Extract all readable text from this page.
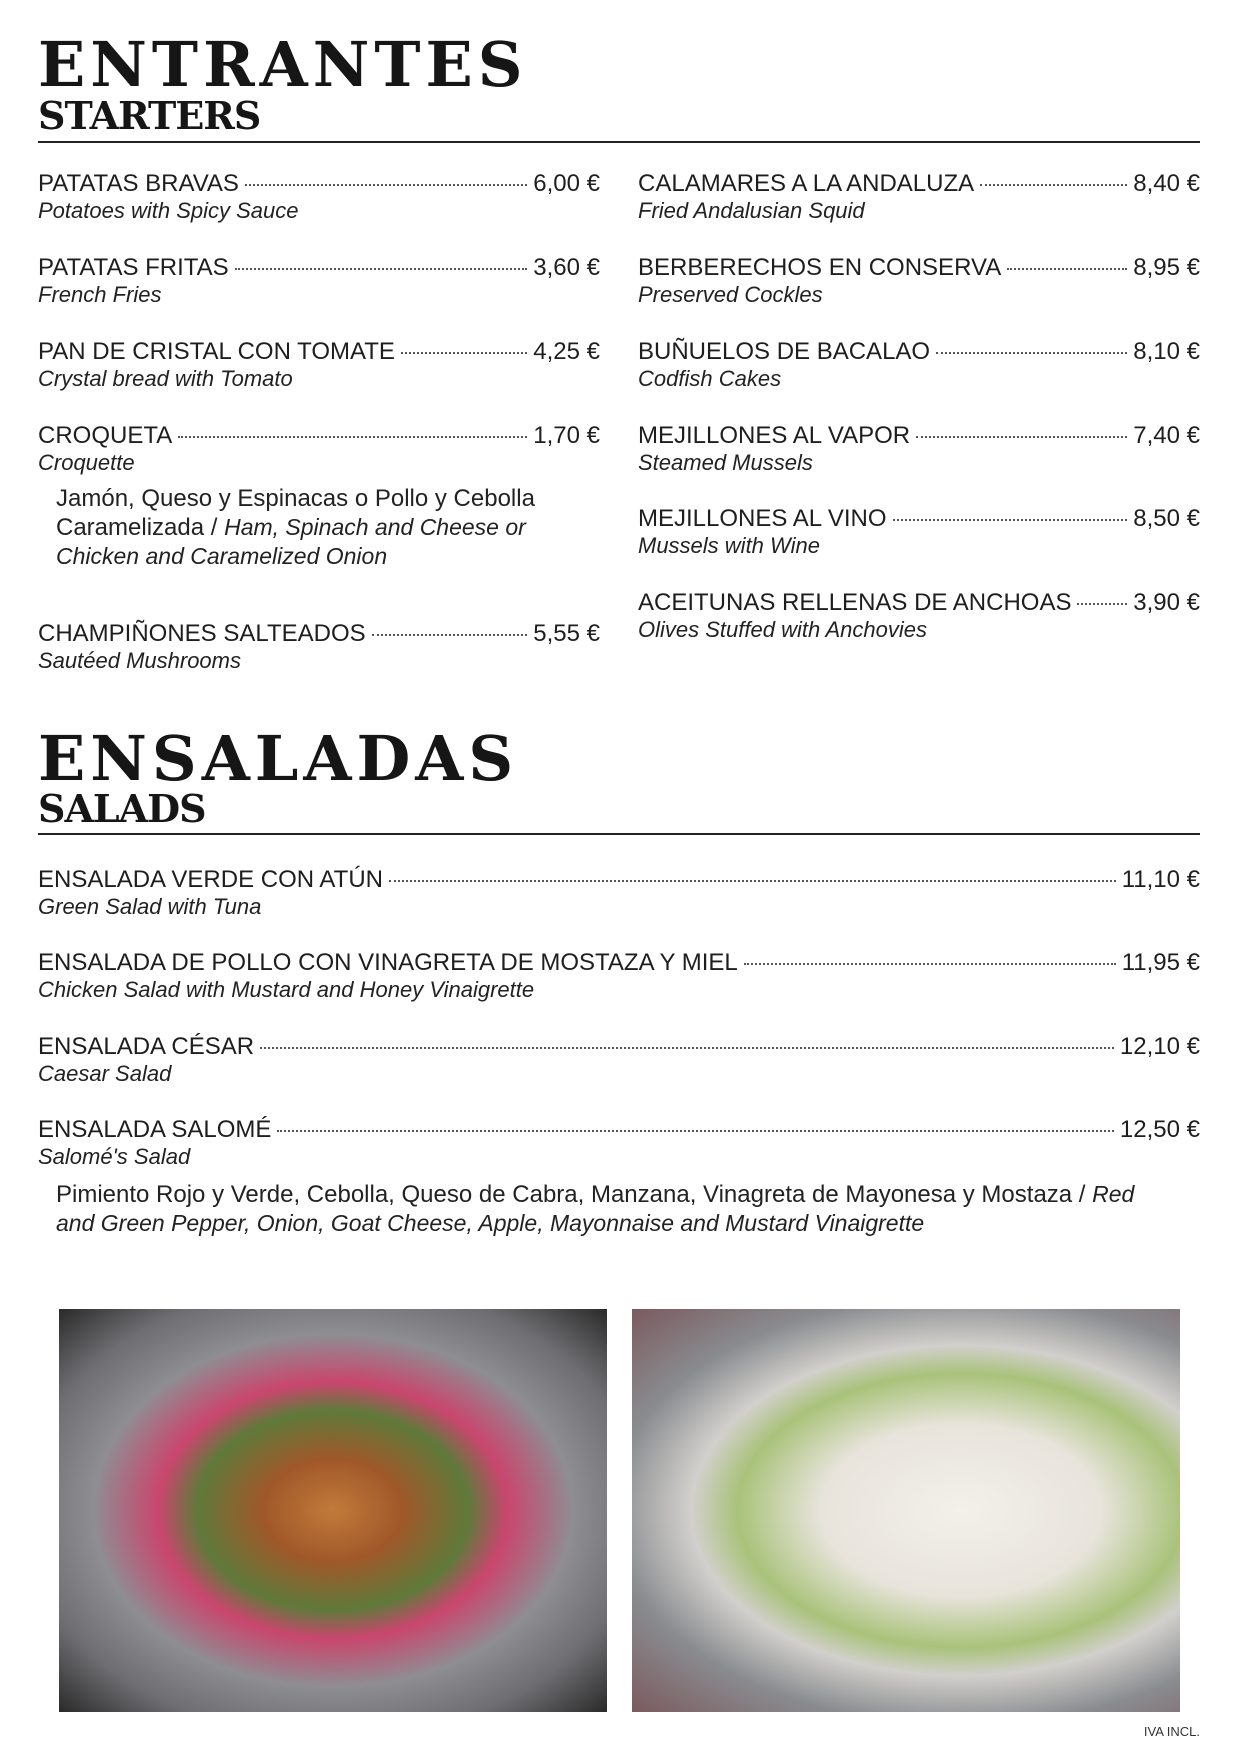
ENTRANTES
STARTERS
PATATAS BRAVAS	6,00 €
Potatoes with Spicy Sauce
PATATAS FRITAS	3,60 €
French Fries
PAN DE CRISTAL CON TOMATE	4,25 €
Crystal bread with Tomato
CROQUETA	1,70 €
Croquette
Jamón, Queso y Espinacas o Pollo y Cebolla Caramelizada / Ham, Spinach and Cheese or Chicken and Caramelized Onion
CHAMPIÑONES SALTEADOS	5,55 €
Sautéed Mushrooms
CALAMARES A LA ANDALUZA	8,40 €
Fried Andalusian Squid
BERBERECHOS EN CONSERVA	8,95 €
Preserved Cockles
BUÑUELOS DE BACALAO	8,10 €
Codfish Cakes
MEJILLONES AL VAPOR	7,40 €
Steamed Mussels
MEJILLONES AL VINO	8,50 €
Mussels with Wine
ACEITUNAS RELLENAS DE ANCHOAS	3,90 €
Olives Stuffed with Anchovies
ENSALADAS
SALADS
ENSALADA VERDE CON ATÚN	11,10 €
Green Salad with Tuna
ENSALADA DE POLLO CON VINAGRETA DE MOSTAZA Y MIEL	11,95 €
Chicken Salad with Mustard and Honey Vinaigrette
ENSALADA CÉSAR	12,10 €
Caesar Salad
ENSALADA SALOMÉ	12,50 €
Salomé's Salad
Pimiento Rojo y Verde, Cebolla, Queso de Cabra, Manzana, Vinagreta de Mayonesa y Mostaza / Red and Green Pepper, Onion, Goat Cheese, Apple, Mayonnaise and Mustard Vinaigrette
IVA INCL.
